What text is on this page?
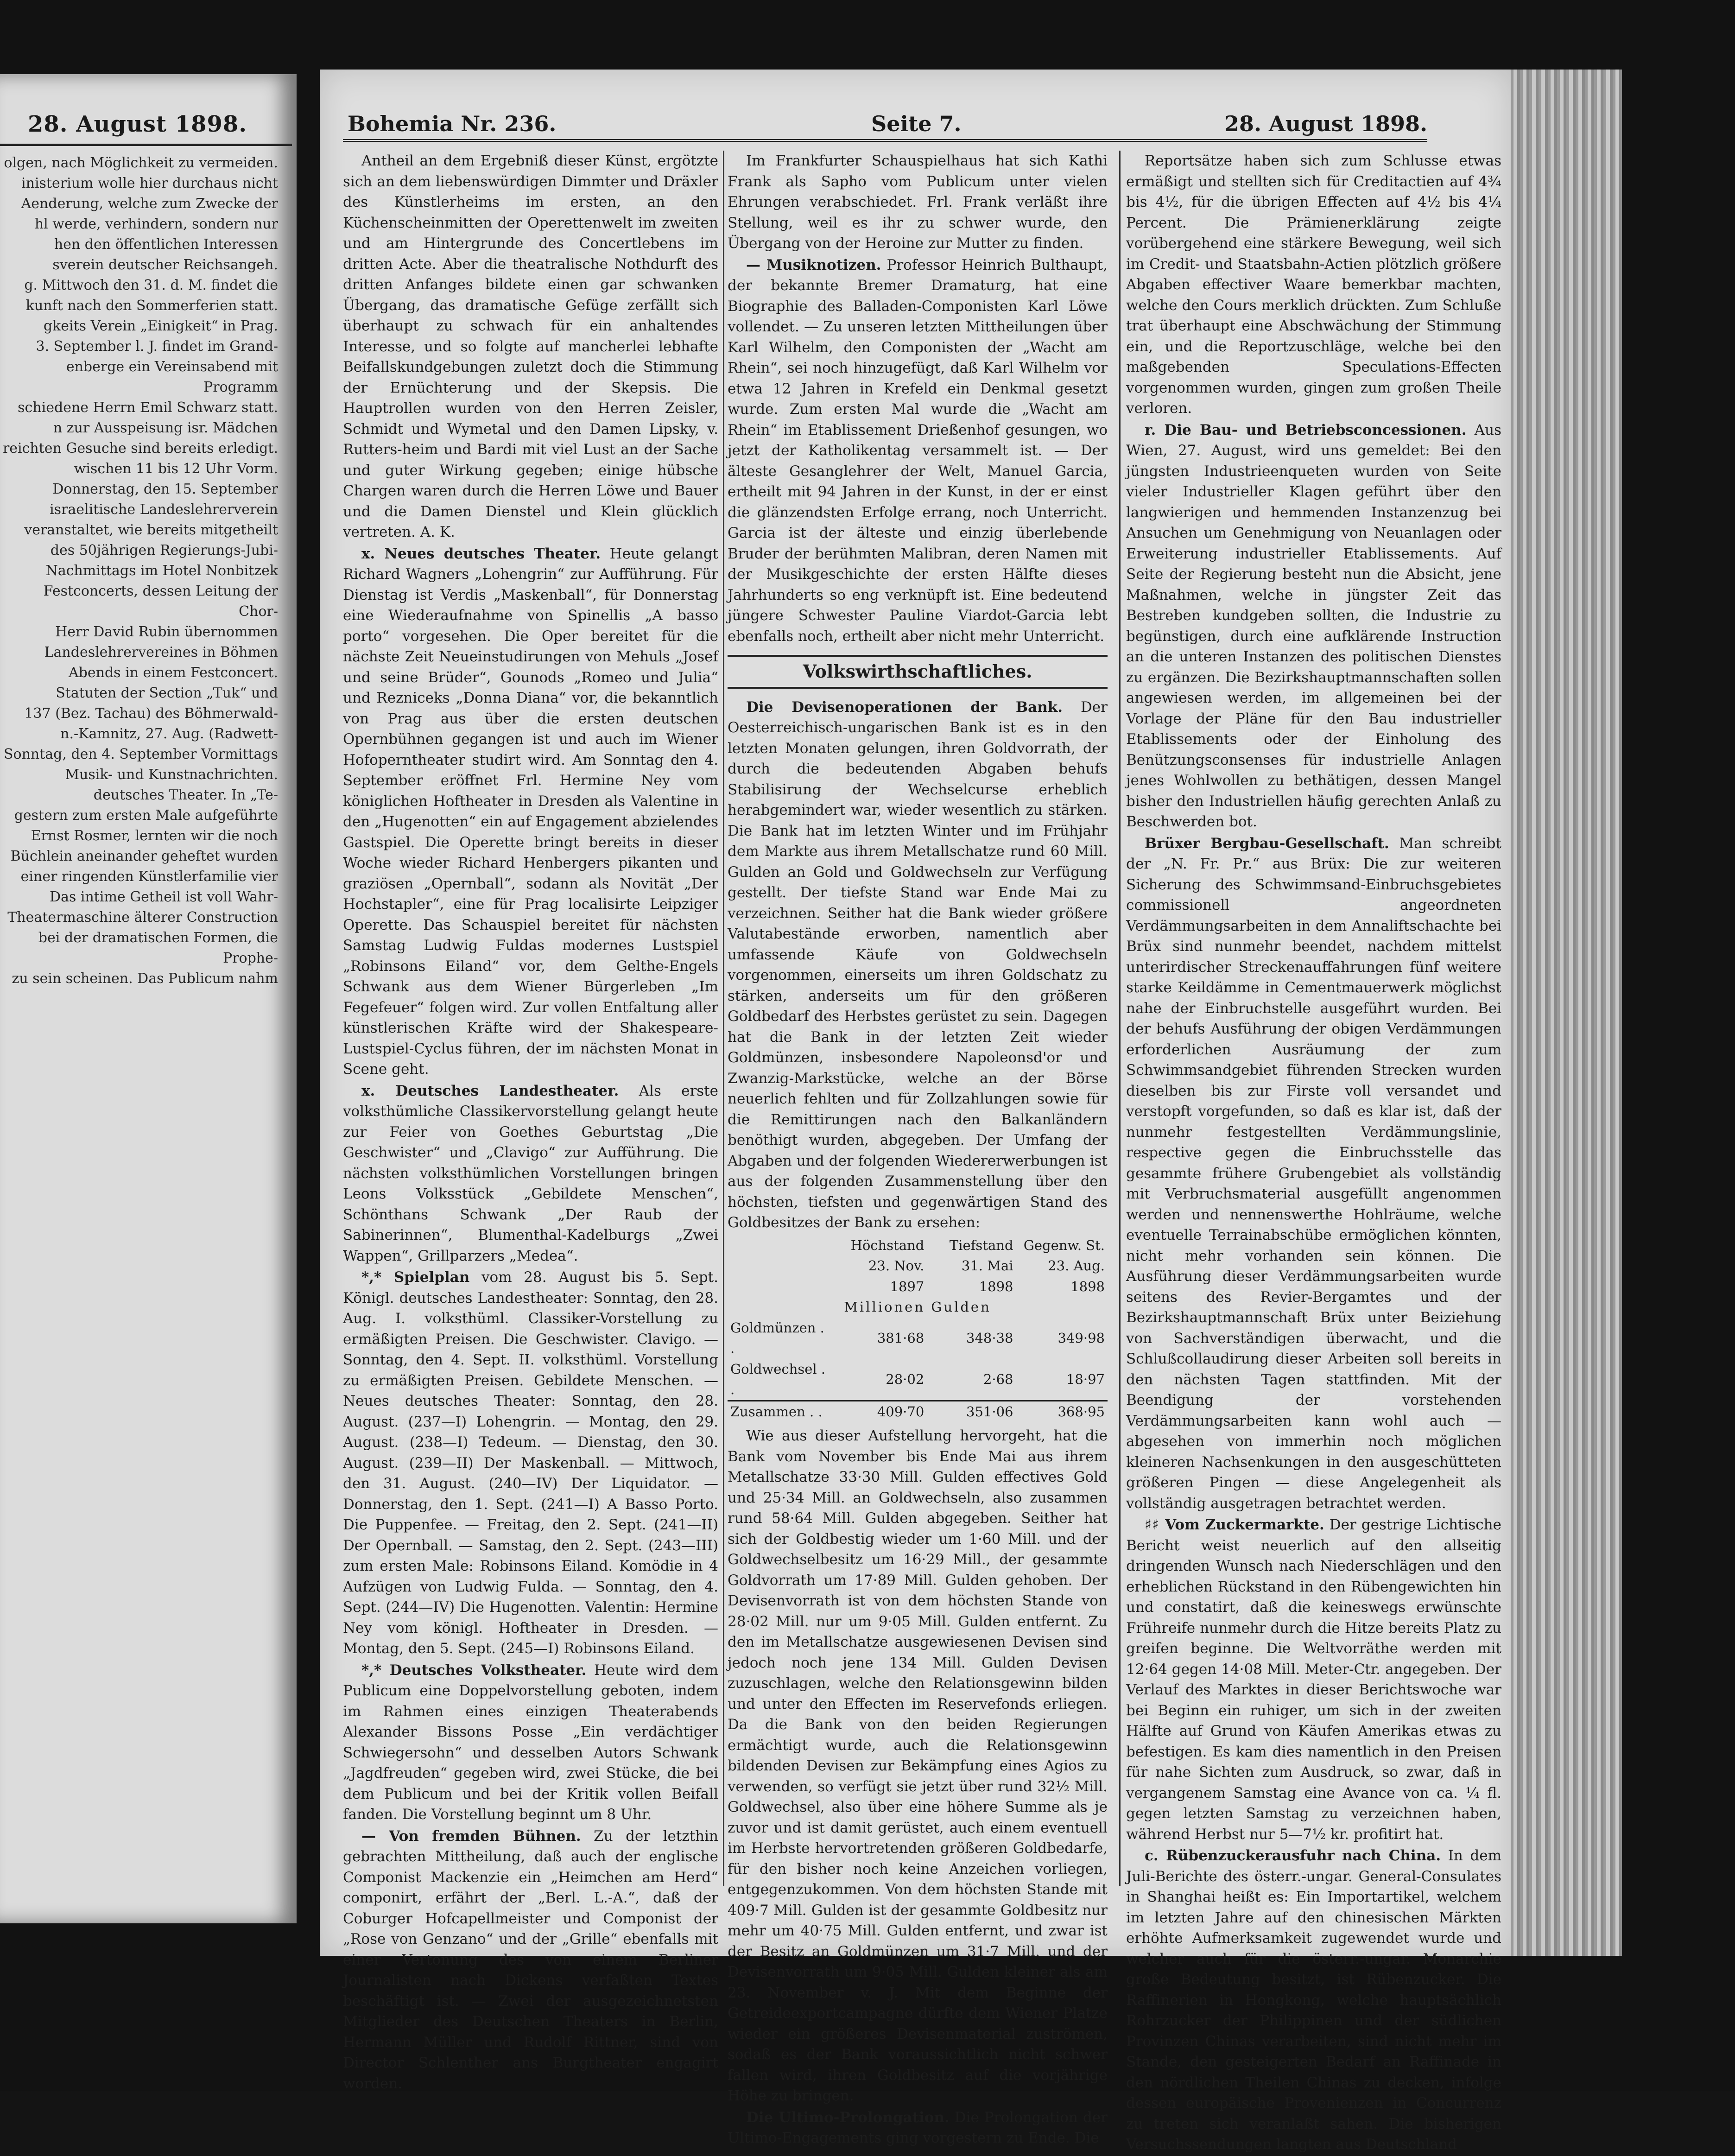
28. August 1898.

olgen, nach Möglichkeit zu vermeiden.

inisterium wolle hier durchaus nicht

Aenderung, welche zum Zwecke der

hl werde, verhindern, sondern nur

hen den öffentlichen Interessen

sverein deutscher Reichsangeh.

g. Mittwoch den 31. d. M. findet die

kunft nach den Sommerferien statt.

gkeits Verein „Einigkeit“ in Prag.

3. September l. J. findet im Grand-

enberge ein Vereinsabend mit Programm

schiedene Herrn Emil Schwarz statt.

n zur Ausspeisung isr. Mädchen

reichten Gesuche sind bereits erledigt.

wischen 11 bis 12 Uhr Vorm.

Donnerstag, den 15. September

israelitische Landeslehrerverein

veranstaltet, wie bereits mitgetheilt

des 50jährigen Regierungs-Jubi-

Nachmittags im Hotel Nonbitzek

Festconcerts, dessen Leitung der Chor-

Herr David Rubin übernommen

Landeslehrervereines in Böhmen

Abends in einem Festconcert.

Statuten der Section „Tuk“ und

137 (Bez. Tachau) des Böhmerwald-

n.-Kamnitz, 27. Aug. (Radwett-

Sonntag, den 4. September Vormittags

Musik- und Kunstnachrichten.

deutsches Theater. In „Te-

gestern zum ersten Male aufgeführte

Ernst Rosmer, lernten wir die noch

Büchlein aneinander geheftet wurden

einer ringenden Künstlerfamilie vier

Das intime Getheil ist voll Wahr-

Theatermaschine älterer Construction

bei der dramatischen Formen, die Prophe-

zu sein scheinen. Das Publicum nahm

Bohemia Nr. 236.	Seite 7.	28. August 1898.

Antheil an dem Ergebniß dieser Künst, ergötzte sich an dem liebenswürdigen Dimmter und Dräxler des Künstlerheims im ersten, an den Küchenscheinmitten der Operettenwelt im zweiten und am Hintergrunde des Concertlebens im dritten Acte. Aber die theatralische Nothdurft des dritten Anfanges bildete einen gar schwanken Übergang, das dramatische Gefüge zerfällt sich überhaupt zu schwach für ein anhaltendes Interesse, und so folgte auf mancherlei lebhafte Beifallskundgebungen zuletzt doch die Stimmung der Ernüchterung und der Skepsis. Die Hauptrollen wurden von den Herren Zeisler, Schmidt und Wymetal und den Damen Lipsky, v. Rutters-heim und Bardi mit viel Lust an der Sache und guter Wirkung gegeben; einige hübsche Chargen waren durch die Herren Löwe und Bauer und die Damen Dienstel und Klein glücklich vertreten. A. K.

x. Neues deutsches Theater. Heute gelangt Richard Wagners „Lohengrin“ zur Aufführung. Für Dienstag ist Verdis „Maskenball“, für Donnerstag eine Wiederaufnahme von Spinellis „A basso porto“ vorgesehen. Die Oper bereitet für die nächste Zeit Neueinstudirungen von Mehuls „Josef und seine Brüder“, Gounods „Romeo und Julia“ und Rezniceks „Donna Diana“ vor, die bekanntlich von Prag aus über die ersten deutschen Opernbühnen gegangen ist und auch im Wiener Hofoperntheater studirt wird. Am Sonntag den 4. September eröffnet Frl. Hermine Ney vom königlichen Hoftheater in Dresden als Valentine in den „Hugenotten“ ein auf Engagement abzielendes Gastspiel. Die Operette bringt bereits in dieser Woche wieder Richard Henbergers pikanten und graziösen „Opernball“, sodann als Novität „Der Hochstapler“, eine für Prag localisirte Leipziger Operette. Das Schauspiel bereitet für nächsten Samstag Ludwig Fuldas modernes Lustspiel „Robinsons Eiland“ vor, dem Gelthe-Engels Schwank aus dem Wiener Bürgerleben „Im Fegefeuer“ folgen wird. Zur vollen Entfaltung aller künstlerischen Kräfte wird der Shakespeare-Lustspiel-Cyclus führen, der im nächsten Monat in Scene geht.

x. Deutsches Landestheater. Als erste volksthümliche Classikervorstellung gelangt heute zur Feier von Goethes Geburtstag „Die Geschwister“ und „Clavigo“ zur Aufführung. Die nächsten volksthümlichen Vorstellungen bringen Leons Volksstück „Gebildete Menschen“, Schönthans Schwank „Der Raub der Sabinerinnen“, Blumenthal-Kadelburgs „Zwei Wappen“, Grillparzers „Medea“.

*,* Spielplan vom 28. August bis 5. Sept. Königl. deutsches Landestheater: Sonntag, den 28. Aug. I. volksthüml. Classiker-Vorstellung zu ermäßigten Preisen. Die Geschwister. Clavigo. — Sonntag, den 4. Sept. II. volksthüml. Vorstellung zu ermäßigten Preisen. Gebildete Menschen. — Neues deutsches Theater: Sonntag, den 28. August. (237—I) Lohengrin. — Montag, den 29. August. (238—I) Tedeum. — Dienstag, den 30. August. (239—II) Der Maskenball. — Mittwoch, den 31. August. (240—IV) Der Liquidator. — Donnerstag, den 1. Sept. (241—I) A Basso Porto. Die Puppenfee. — Freitag, den 2. Sept. (241—II) Der Opernball. — Samstag, den 2. Sept. (243—III) zum ersten Male: Robinsons Eiland. Komödie in 4 Aufzügen von Ludwig Fulda. — Sonntag, den 4. Sept. (244—IV) Die Hugenotten. Valentin: Hermine Ney vom königl. Hoftheater in Dresden. — Montag, den 5. Sept. (245—I) Robinsons Eiland.

*,* Deutsches Volkstheater. Heute wird dem Publicum eine Doppelvorstellung geboten, indem im Rahmen eines einzigen Theaterabends Alexander Bissons Posse „Ein verdächtiger Schwiegersohn“ und desselben Autors Schwank „Jagdfreuden“ gegeben wird, zwei Stücke, die bei dem Publicum und bei der Kritik vollen Beifall fanden. Die Vorstellung beginnt um 8 Uhr.

— Von fremden Bühnen. Zu der letzthin gebrachten Mittheilung, daß auch der englische Componist Mackenzie ein „Heimchen am Herd“ componirt, erfährt der „Berl. L.-A.“, daß der Coburger Hofcapellmeister und Componist der „Rose von Genzano“ und der „Grille“ ebenfalls mit einer Vertonung des von einem Berliner Journalisten nach Dickens verfaßten Textes beschäftigt ist. — Zwei der ausgezeichnetsten Mitglieder des Deutschen Theaters in Berlin, Hermann Müller und Rudolf Rittner, sind von Director Schlenther ans Burgtheater engagirt worden.

Im Frankfurter Schauspielhaus hat sich Kathi Frank als Sapho vom Publicum unter vielen Ehrungen verabschiedet. Frl. Frank verläßt ihre Stellung, weil es ihr zu schwer wurde, den Übergang von der Heroine zur Mutter zu finden.

— Musiknotizen. Professor Heinrich Bulthaupt, der bekannte Bremer Dramaturg, hat eine Biographie des Balladen-Componisten Karl Löwe vollendet. — Zu unseren letzten Mittheilungen über Karl Wilhelm, den Componisten der „Wacht am Rhein“, sei noch hinzugefügt, daß Karl Wilhelm vor etwa 12 Jahren in Krefeld ein Denkmal gesetzt wurde. Zum ersten Mal wurde die „Wacht am Rhein“ im Etablissement Drießenhof gesungen, wo jetzt der Katholikentag versammelt ist. — Der älteste Gesanglehrer der Welt, Manuel Garcia, ertheilt mit 94 Jahren in der Kunst, in der er einst die glänzendsten Erfolge errang, noch Unterricht. Garcia ist der älteste und einzig überlebende Bruder der berühmten Malibran, deren Namen mit der Musikgeschichte der ersten Hälfte dieses Jahrhunderts so eng verknüpft ist. Eine bedeutend jüngere Schwester Pauline Viardot-Garcia lebt ebenfalls noch, ertheilt aber nicht mehr Unterricht.

Volkswirthschaftliches.

Die Devisenoperationen der Bank. Der Oesterreichisch-ungarischen Bank ist es in den letzten Monaten gelungen, ihren Goldvorrath, der durch die bedeutenden Abgaben behufs Stabilisirung der Wechselcurse erheblich herabgemindert war, wieder wesentlich zu stärken. Die Bank hat im letzten Winter und im Frühjahr dem Markte aus ihrem Metallschatze rund 60 Mill. Gulden an Gold und Goldwechseln zur Verfügung gestellt. Der tiefste Stand war Ende Mai zu verzeichnen. Seither hat die Bank wieder größere Valutabestände erworben, namentlich aber umfassende Käufe von Goldwechseln vorgenommen, einerseits um ihren Goldschatz zu stärken, anderseits um für den größeren Goldbedarf des Herbstes gerüstet zu sein. Dagegen hat die Bank in der letzten Zeit wieder Goldmünzen, insbesondere Napoleonsd'or und Zwanzig-Markstücke, welche an der Börse neuerlich fehlten und für Zollzahlungen sowie für die Remittirungen nach den Balkanländern benöthigt wurden, abgegeben. Der Umfang der Abgaben und der folgenden Wiedererwerbungen ist aus der folgenden Zusammenstellung über den höchsten, tiefsten und gegenwärtigen Stand des Goldbesitzes der Bank zu ersehen:

	Höchstand	Tiefstand	Gegenw. St.
	23. Nov. 1897	31. Mai 1898	23. Aug. 1898
Millionen Gulden			
Goldmünzen . .	381·68	348·38	349·98
Goldwechsel . .	28·02	2·68	18·97
Zusammen . .	409·70	351·06	368·95

Wie aus dieser Aufstellung hervorgeht, hat die Bank vom November bis Ende Mai aus ihrem Metallschatze 33·30 Mill. Gulden effectives Gold und 25·34 Mill. an Goldwechseln, also zusammen rund 58·64 Mill. Gulden abgegeben. Seither hat sich der Goldbestig wieder um 1·60 Mill. und der Goldwechselbesitz um 16·29 Mill., der gesammte Goldvorrath um 17·89 Mill. Gulden gehoben. Der Devisenvorrath ist von dem höchsten Stande von 28·02 Mill. nur um 9·05 Mill. Gulden entfernt. Zu den im Metallschatze ausgewiesenen Devisen sind jedoch noch jene 134 Mill. Gulden Devisen zuzuschlagen, welche den Relationsgewinn bilden und unter den Effecten im Reservefonds erliegen. Da die Bank von den beiden Regierungen ermächtigt wurde, auch die Relationsgewinn bildenden Devisen zur Bekämpfung eines Agios zu verwenden, so verfügt sie jetzt über rund 32½ Mill. Goldwechsel, also über eine höhere Summe als je zuvor und ist damit gerüstet, auch einem eventuell im Herbste hervortretenden größeren Goldbedarfe, für den bisher noch keine Anzeichen vorliegen, entgegenzukommen. Von dem höchsten Stande mit 409·7 Mill. Gulden ist der gesammte Goldbesitz nur mehr um 40·75 Mill. Gulden entfernt, und zwar ist der Besitz an Goldmünzen um 31·7 Mill. und der Devisenvorrath um 9·05 Mill. Gulden kleiner als am 23. November v. J. Mit dem Beginne der Getreideexportcampagne dürfte dem Wiener Platze wieder ein größeres Devisenmaterial zuströmen, sodaß es der Bank voraussichtlich nicht schwer fallen wird, ihren Goldbesitz auf die vorjährige Höhe zu bringen.

Die Ultimo-Prolongation. Die Prolongation der Ultimo-Engagements ging vorgestern zu Ende. Die

Reportsätze haben sich zum Schlusse etwas ermäßigt und stellten sich für Creditactien auf 4¾ bis 4½, für die übrigen Effecten auf 4½ bis 4¼ Percent. Die Prämienerklärung zeigte vorübergehend eine stärkere Bewegung, weil sich im Credit- und Staatsbahn-Actien plötzlich größere Abgaben effectiver Waare bemerkbar machten, welche den Cours merklich drückten. Zum Schluße trat überhaupt eine Abschwächung der Stimmung ein, und die Reportzuschläge, welche bei den maßgebenden Speculations-Effecten vorgenommen wurden, gingen zum großen Theile verloren.

r. Die Bau- und Betriebsconcessionen. Aus Wien, 27. August, wird uns gemeldet: Bei den jüngsten Industrieenqueten wurden von Seite vieler Industrieller Klagen geführt über den langwierigen und hemmenden Instanzenzug bei Ansuchen um Genehmigung von Neuanlagen oder Erweiterung industrieller Etablissements. Auf Seite der Regierung besteht nun die Absicht, jene Maßnahmen, welche in jüngster Zeit das Bestreben kundgeben sollten, die Industrie zu begünstigen, durch eine aufklärende Instruction an die unteren Instanzen des politischen Dienstes zu ergänzen. Die Bezirkshauptmannschaften sollen angewiesen werden, im allgemeinen bei der Vorlage der Pläne für den Bau industrieller Etablissements oder der Einholung des Benützungsconsenses für industrielle Anlagen jenes Wohlwollen zu bethätigen, dessen Mangel bisher den Industriellen häufig gerechten Anlaß zu Beschwerden bot.

Brüxer Bergbau-Gesellschaft. Man schreibt der „N. Fr. Pr.“ aus Brüx: Die zur weiteren Sicherung des Schwimmsand-Einbruchsgebietes commissionell angeordneten Verdämmungsarbeiten in dem Annaliftschachte bei Brüx sind nunmehr beendet, nachdem mittelst unterirdischer Streckenauffahrungen fünf weitere starke Keildämme in Cementmauerwerk möglichst nahe der Einbruchstelle ausgeführt wurden. Bei der behufs Ausführung der obigen Verdämmungen erforderlichen Ausräumung der zum Schwimmsandgebiet führenden Strecken wurden dieselben bis zur Firste voll versandet und verstopft vorgefunden, so daß es klar ist, daß der nunmehr festgestellten Verdämmungslinie, respective gegen die Einbruchsstelle das gesammte frühere Grubengebiet als vollständig mit Verbruchsmaterial ausgefüllt angenommen werden und nennenswerthe Hohlräume, welche eventuelle Terrainabschübe ermöglichen könnten, nicht mehr vorhanden sein können. Die Ausführung dieser Verdämmungsarbeiten wurde seitens des Revier-Bergamtes und der Bezirkshauptmannschaft Brüx unter Beiziehung von Sachverständigen überwacht, und die Schlußcollaudirung dieser Arbeiten soll bereits in den nächsten Tagen stattfinden. Mit der Beendigung der vorstehenden Verdämmungsarbeiten kann wohl auch — abgesehen von immerhin noch möglichen kleineren Nachsenkungen in den ausgeschütteten größeren Pingen — diese Angelegenheit als vollständig ausgetragen betrachtet werden.

♯♯ Vom Zuckermarkte. Der gestrige Lichtische Bericht weist neuerlich auf den allseitig dringenden Wunsch nach Niederschlägen und den erheblichen Rückstand in den Rübengewichten hin und constatirt, daß die keineswegs erwünschte Frühreife nunmehr durch die Hitze bereits Platz zu greifen beginne. Die Weltvorräthe werden mit 12·64 gegen 14·08 Mill. Meter-Ctr. angegeben. Der Verlauf des Marktes in dieser Berichtswoche war bei Beginn ein ruhiger, um sich in der zweiten Hälfte auf Grund von Käufen Amerikas etwas zu befestigen. Es kam dies namentlich in den Preisen für nahe Sichten zum Ausdruck, so zwar, daß in vergangenem Samstag eine Avance von ca. ¼ fl. gegen letzten Samstag zu verzeichnen haben, während Herbst nur 5—7½ kr. profitirt hat.

c. Rübenzuckerausfuhr nach China. In dem Juli-Berichte des österr.-ungar. General-Consulates in Shanghai heißt es: Ein Importartikel, welchem im letzten Jahre auf den chinesischen Märkten erhöhte Aufmerksamkeit zugewendet wurde und welcher auch für die österr.-ungar. Monarchie große Bedeutung besitzt, ist Rübenzucker. Die Raffinerien in Hongkong, welche hauptsächlich Rohrzucker der Philippinen und der südlichen Provinzen Chinas verarbeiten, sind nicht mehr im Stande, den gesteigerten Bedarf an Raffinade in den nördlichen Theilen Chinas zu decken, infolge dessen europäische Provenienzen in Concurrenz zu treten sich veranlaßt sahen. Die bisherigen Versuchssendungen langten aus Deutschland
